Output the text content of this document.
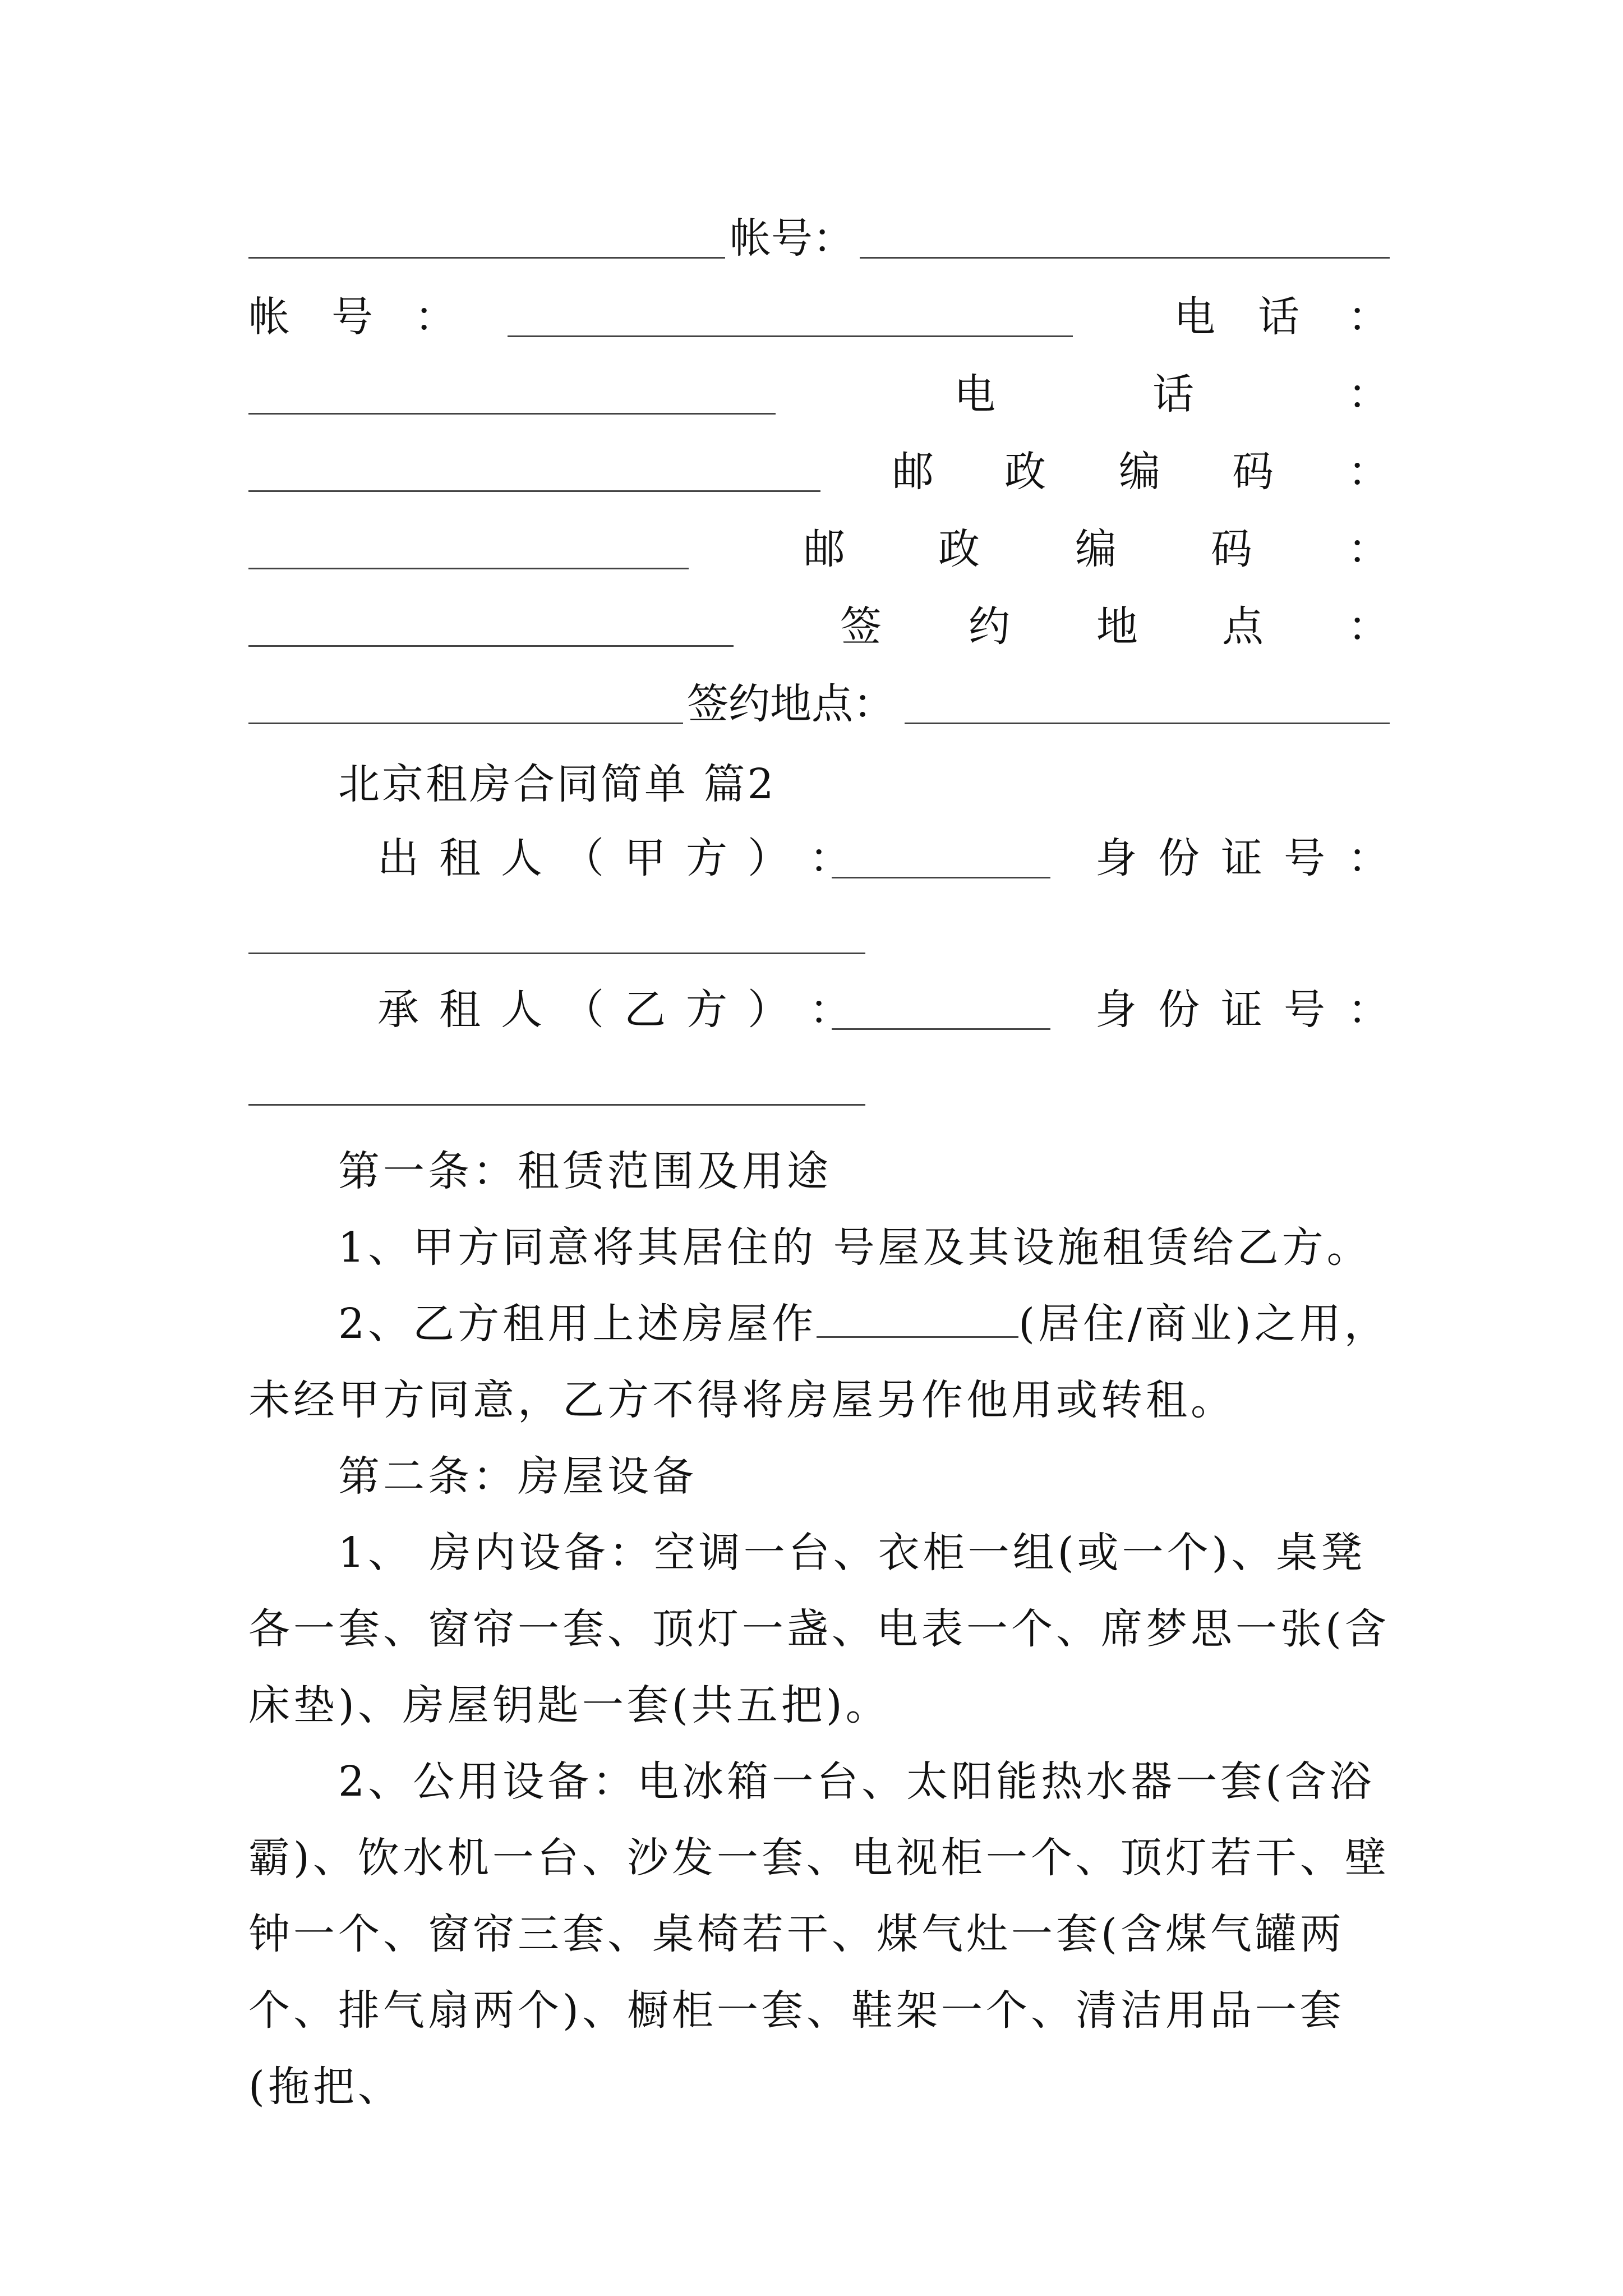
帐号：
帐 号 ：	电 话 ：
电	话	：
邮 政 编 码 ：
邮 政 编 码 ：
签 约 地 点 ：
签约地点：
北京租房合同简单 篇2
出 租 人 （ 甲 方 ） ：	身 份 证 号 ：
承 租 人 （ 乙 方 ） ：	身 份 证 号 ：
第一条：租赁范围及用途
1、甲方同意将其居住的 号屋及其设施租赁给乙方。
2、乙方租用上述房屋作	(居住/商业)之用，未经甲方同意，乙方不得将房屋另作他用或转租。
第二条：房屋设备
1、 房内设备：空调一台、衣柜一组(或一个)、桌凳各一套、窗帘一套、顶灯一盏、电表一个、席梦思一张(含床垫)、房屋钥匙一套(共五把)。
2、公用设备：电冰箱一台、太阳能热水器一套(含浴霸)、饮水机一台、沙发一套、电视柜一个、顶灯若干、壁钟一个、窗帘三套、桌椅若干、煤气灶一套(含煤气罐两个、排气扇两个)、橱柜一套、鞋架一个、清洁用品一套(拖把、
